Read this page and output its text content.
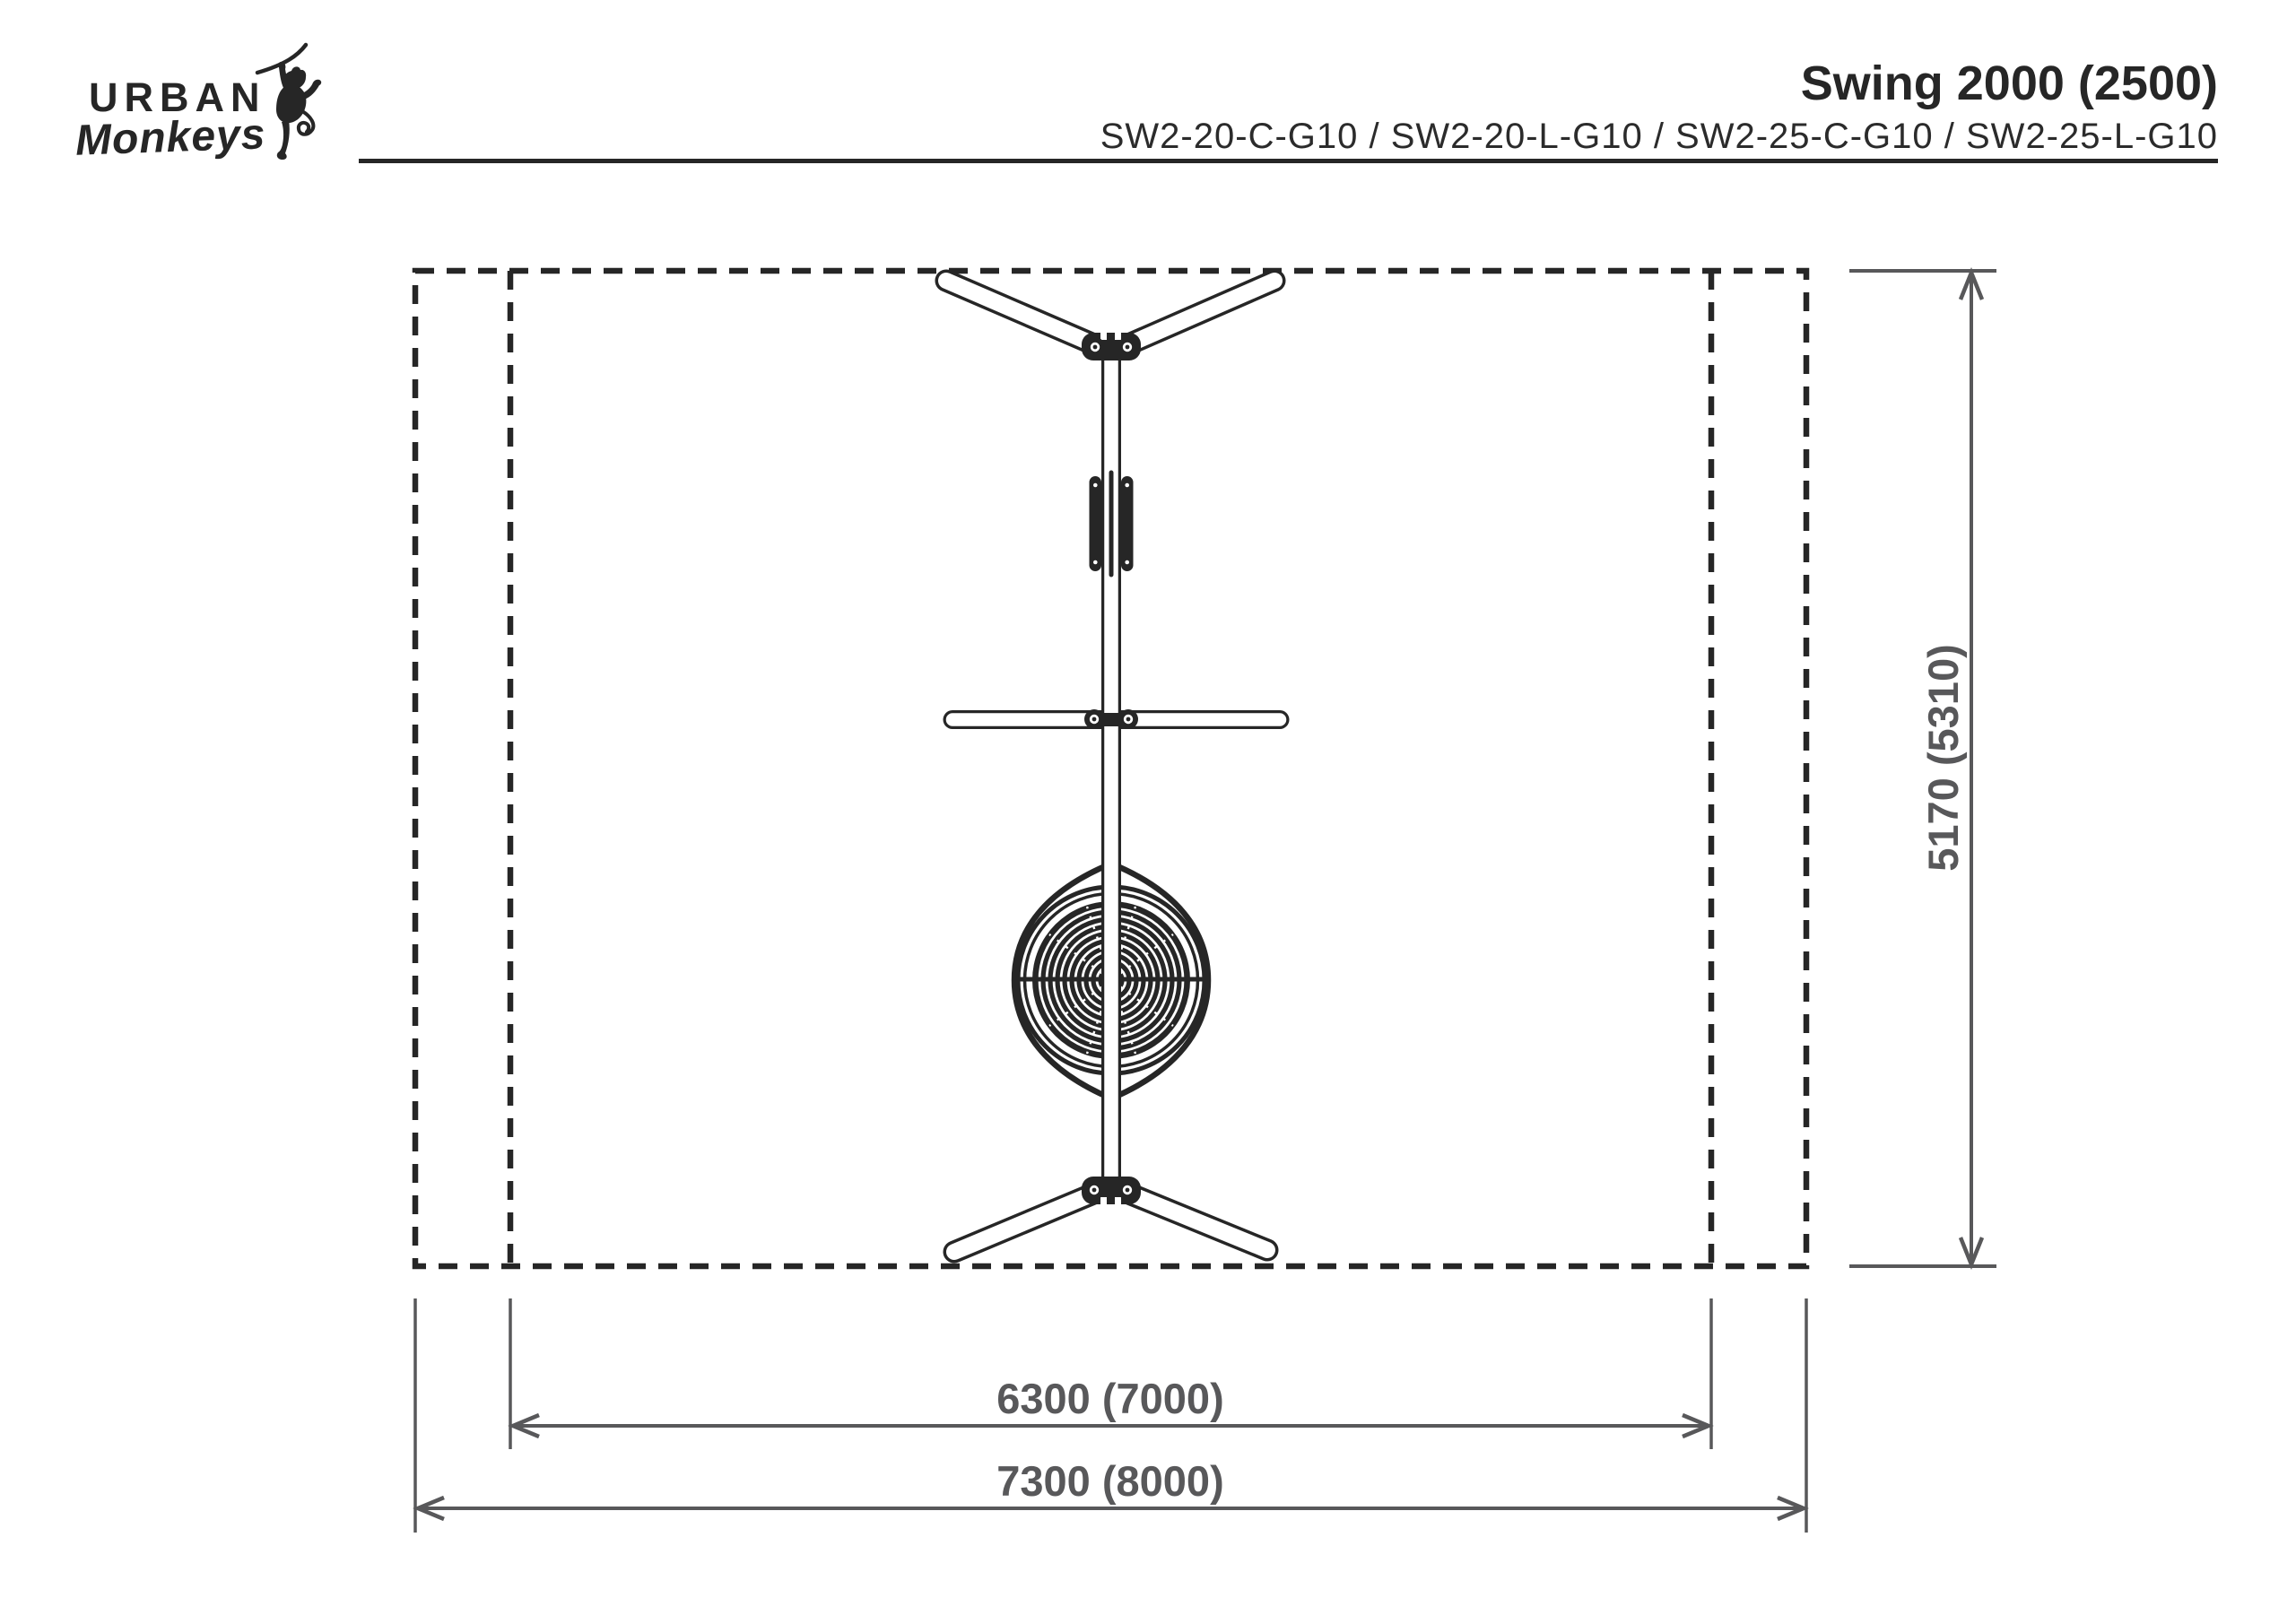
URBAN
Monkeys
Swing 2000 (2500)
SW2-20-C-G10 / SW2-20-L-G10 / SW2-25-C-G10 / SW2-25-L-G10
5170 (5310)
6300 (7000)
7300 (8000)
